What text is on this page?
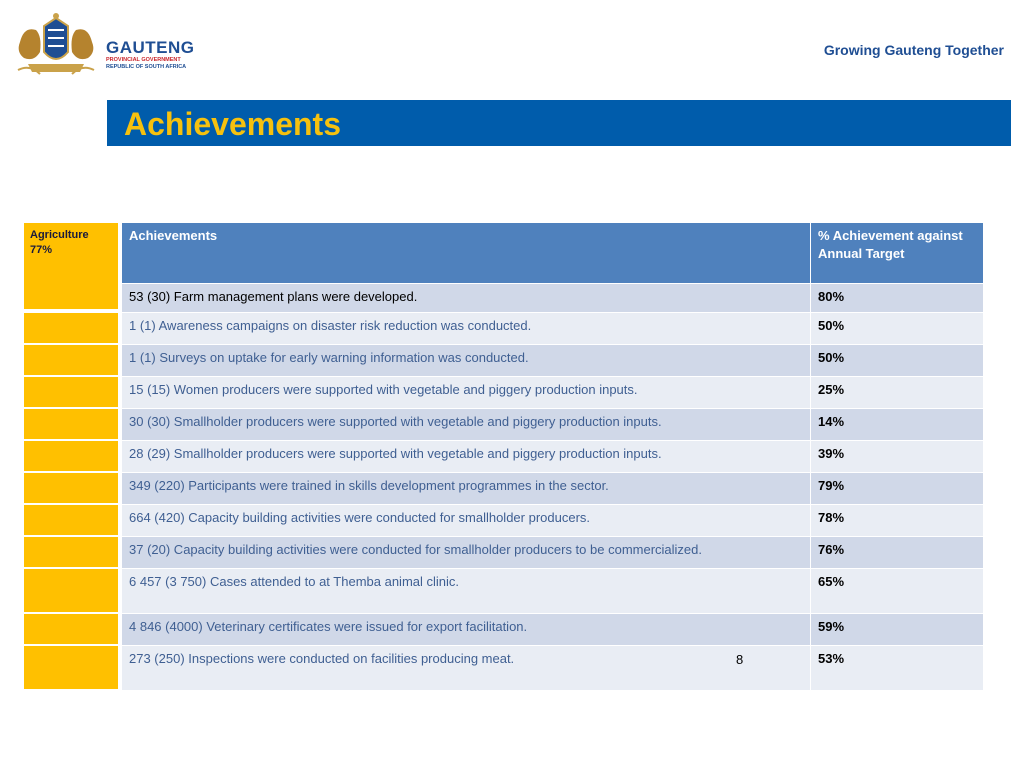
GAUTENG
PROVINCIAL GOVERNMENT
REPUBLIC OF SOUTH AFRICA
Growing Gauteng Together
Achievements
Agriculture
77%
Achievements	% Achievement against Annual Target
53 (30) Farm management plans were developed.	80%
1 (1) Awareness campaigns on disaster risk reduction was conducted.	50%
1 (1) Surveys on uptake for early warning information was conducted.	50%
15 (15) Women producers were supported with vegetable and piggery production inputs.	25%
30 (30) Smallholder producers were supported with vegetable and piggery production inputs.	14%
28 (29) Smallholder producers were supported with vegetable and piggery production inputs.	39%
349 (220) Participants were trained in skills development programmes in the sector.	79%
664 (420) Capacity building activities were conducted for smallholder producers.	78%
37 (20) Capacity building activities were conducted for smallholder producers to be commercialized.	76%
6 457 (3 750) Cases attended to at Themba animal clinic.	65%
4 846 (4000) Veterinary certificates were issued for export facilitation.	59%
273 (250) Inspections were conducted on facilities producing meat.	53%
8
